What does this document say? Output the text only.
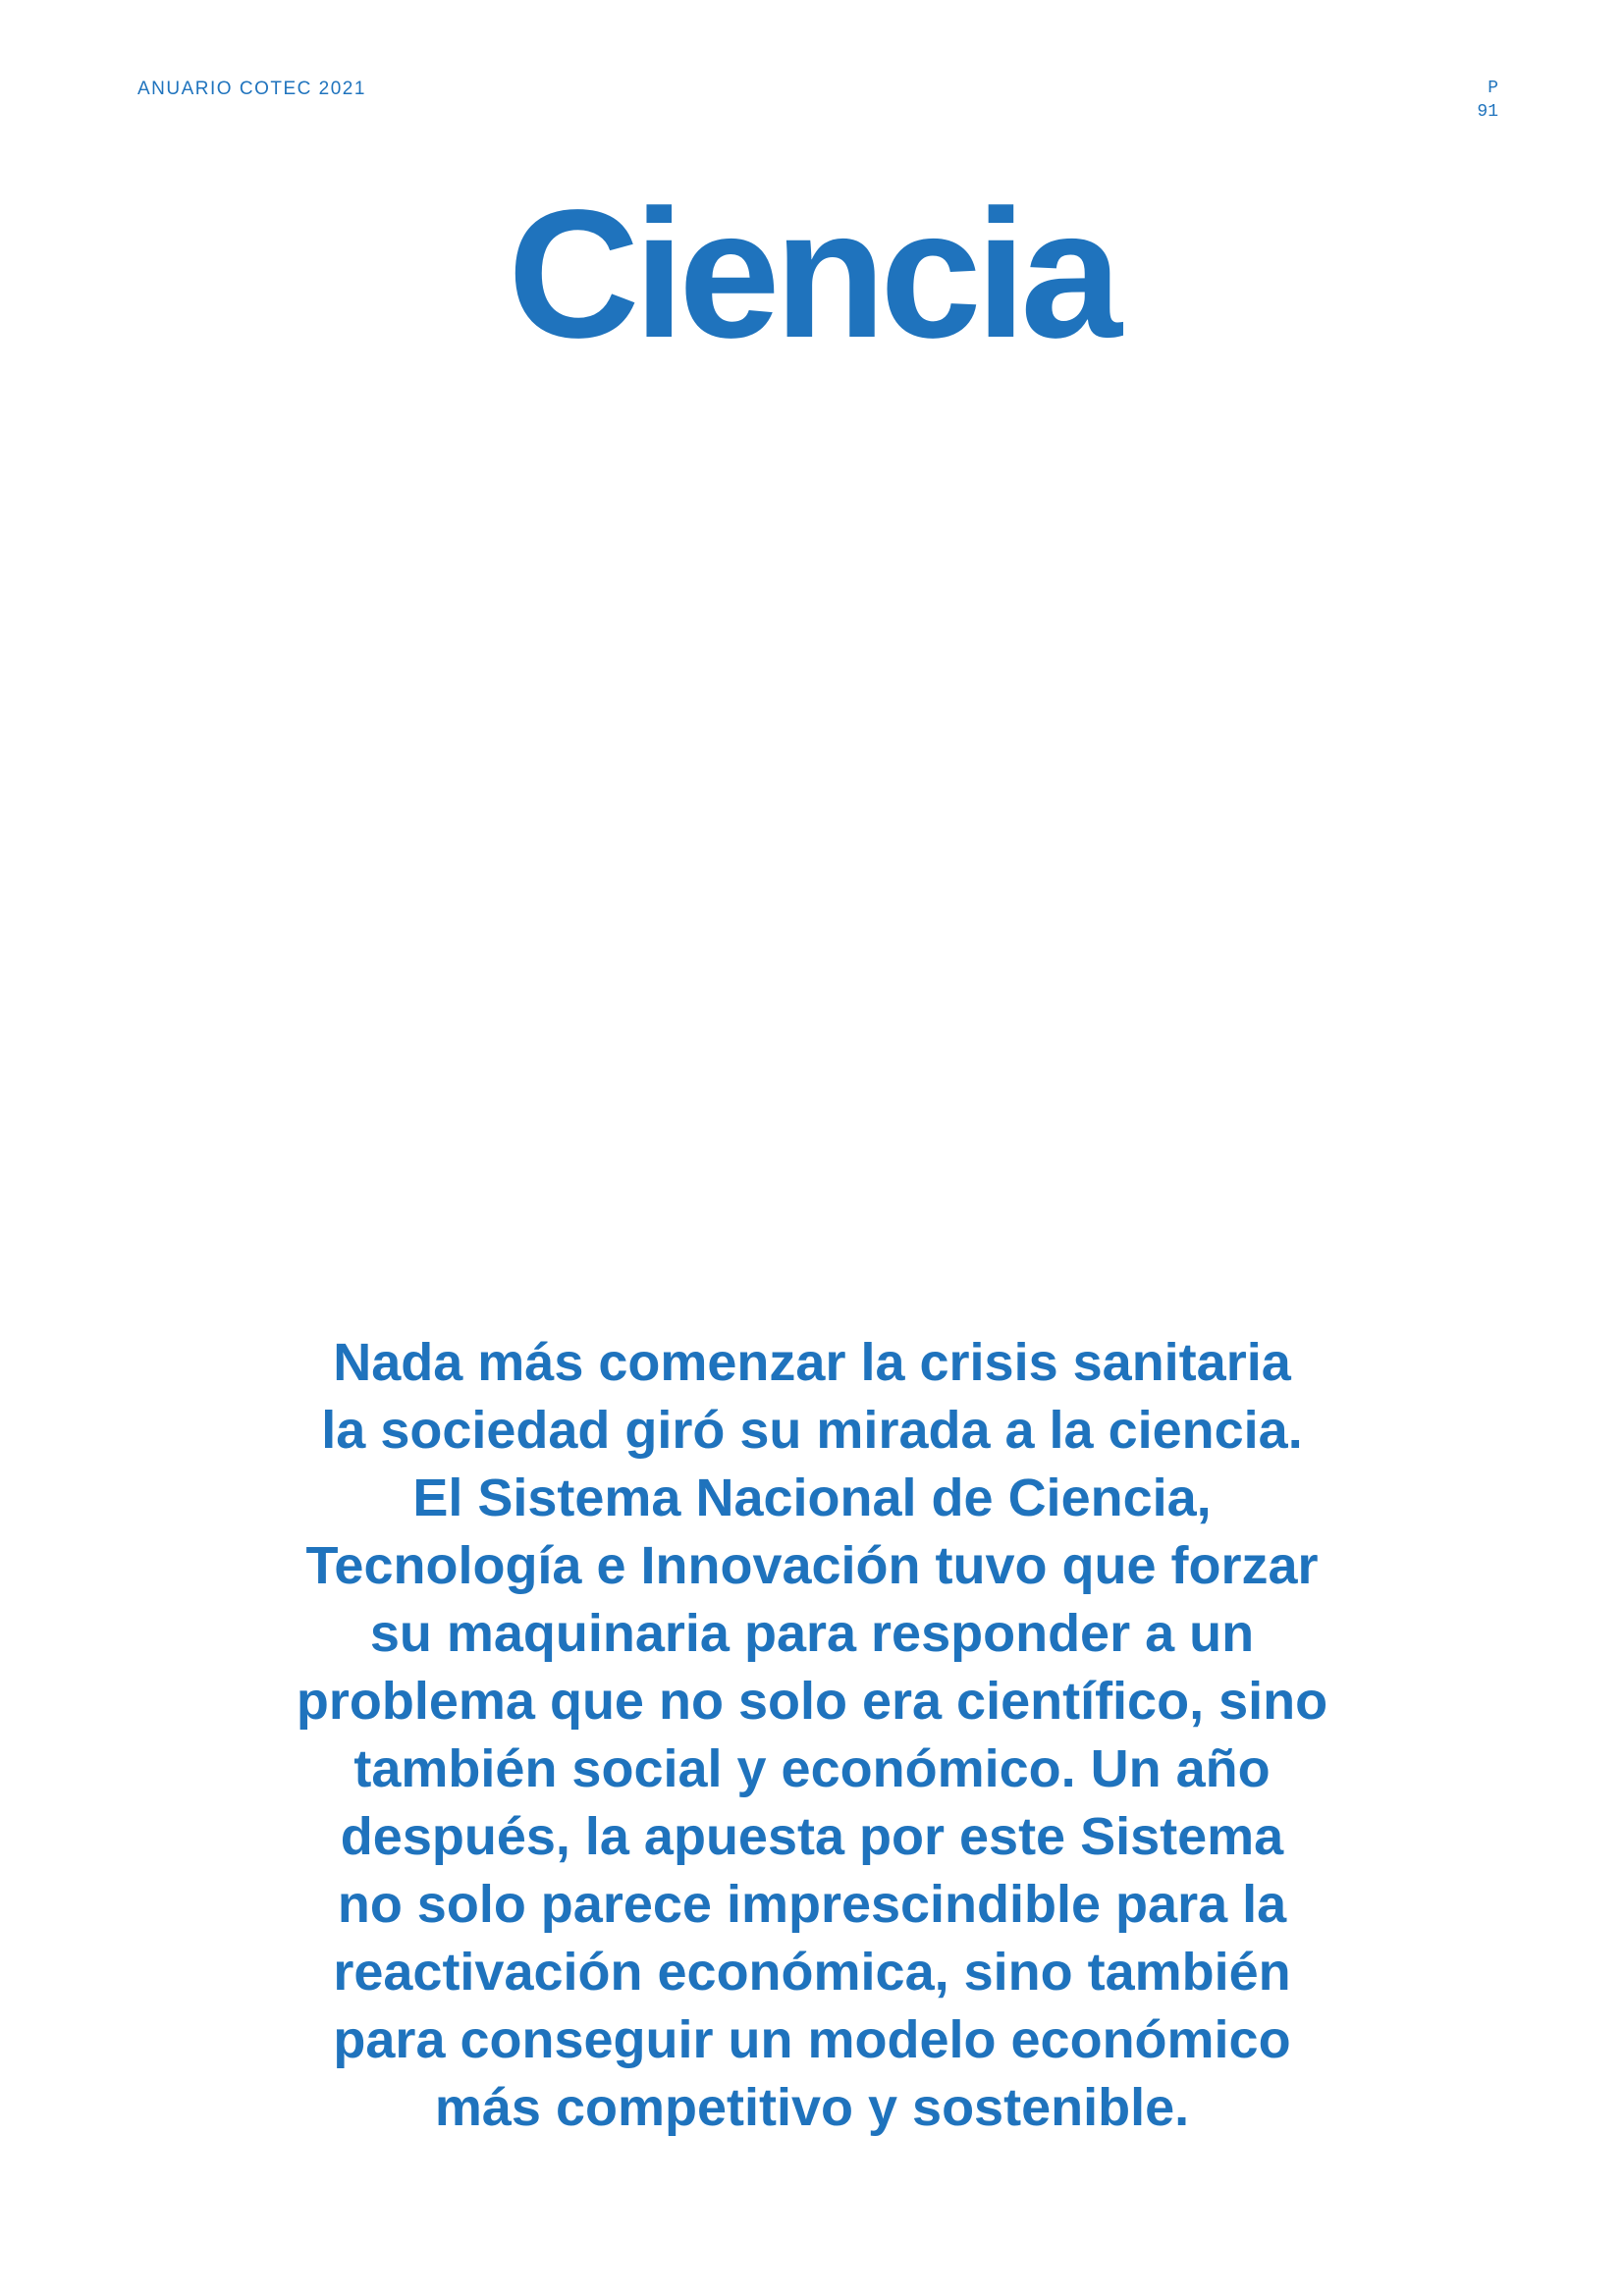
ANUARIO COTEC 2021	P
91
Ciencia

Nada más comenzar la crisis sanitaria
la sociedad giró su mirada a la ciencia.
El Sistema Nacional de Ciencia,
Tecnología e Innovación tuvo que forzar
su maquinaria para responder a un
problema que no solo era científico, sino
también social y económico. Un año
después, la apuesta por este Sistema
no solo parece imprescindible para la
reactivación económica, sino también
para conseguir un modelo económico
más competitivo y sostenible.
